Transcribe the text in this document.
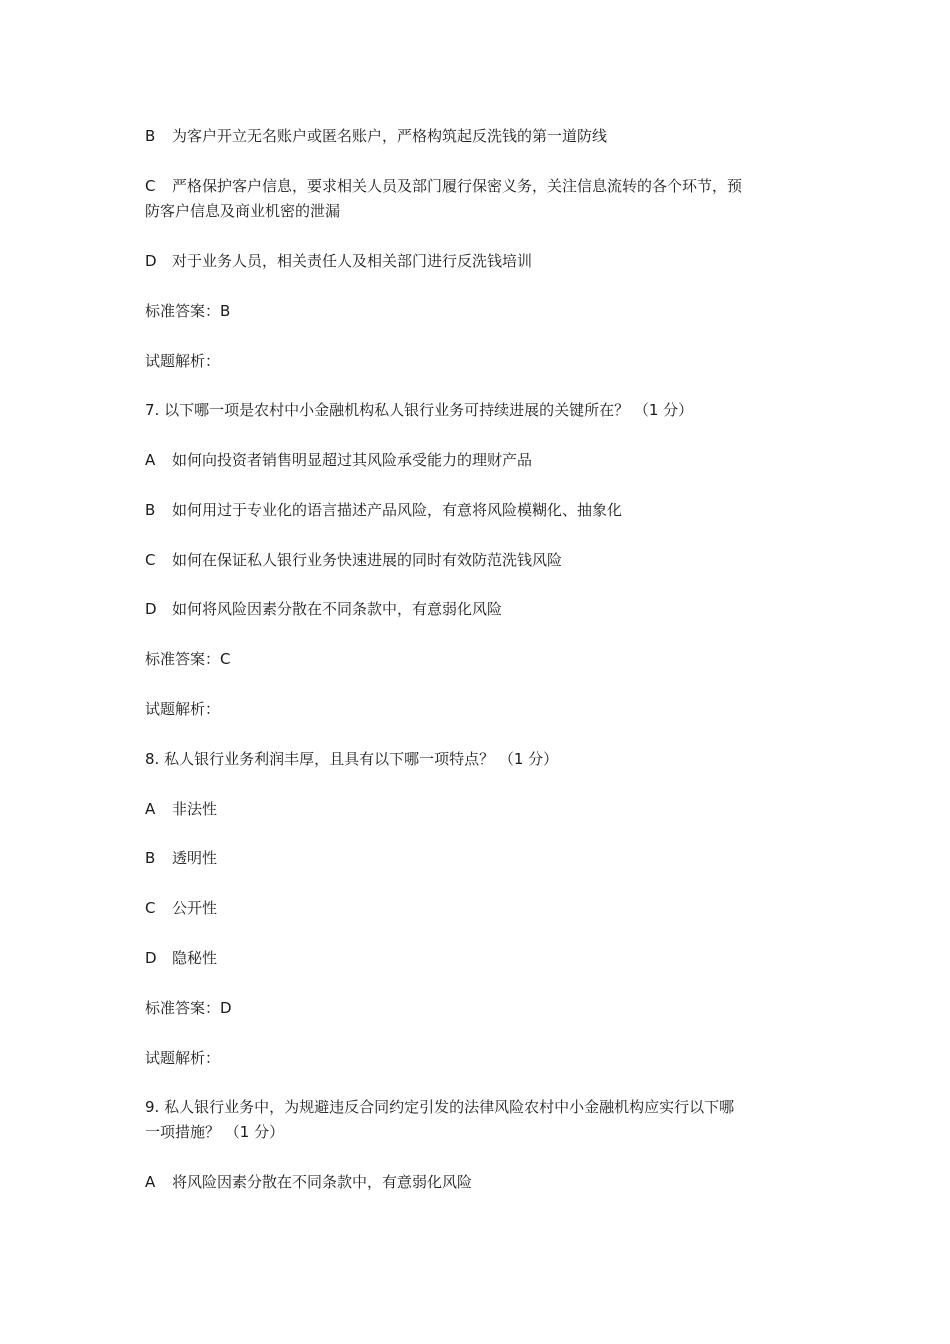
B 为客户开立无名账户或匿名账户，严格构筑起反洗钱的第一道防线
C 严格保护客户信息，要求相关人员及部门履行保密义务，关注信息流转的各个环节，预
防客户信息及商业机密的泄漏
D 对于业务人员，相关责任人及相关部门进行反洗钱培训
标准答案：B
试题解析：
7. 以下哪一项是农村中小金融机构私人银行业务可持续进展的关键所在？ （1 分）
A 如何向投资者销售明显超过其风险承受能力的理财产品
B 如何用过于专业化的语言描述产品风险，有意将风险模糊化、抽象化
C 如何在保证私人银行业务快速进展的同时有效防范洗钱风险
D 如何将风险因素分散在不同条款中，有意弱化风险
标准答案：C
试题解析：
8. 私人银行业务利润丰厚，且具有以下哪一项特点？ （1 分）
A 非法性
B 透明性
C 公开性
D 隐秘性
标准答案：D
试题解析：
9. 私人银行业务中，为规避违反合同约定引发的法律风险农村中小金融机构应实行以下哪
一项措施？ （1 分）
A 将风险因素分散在不同条款中，有意弱化风险
